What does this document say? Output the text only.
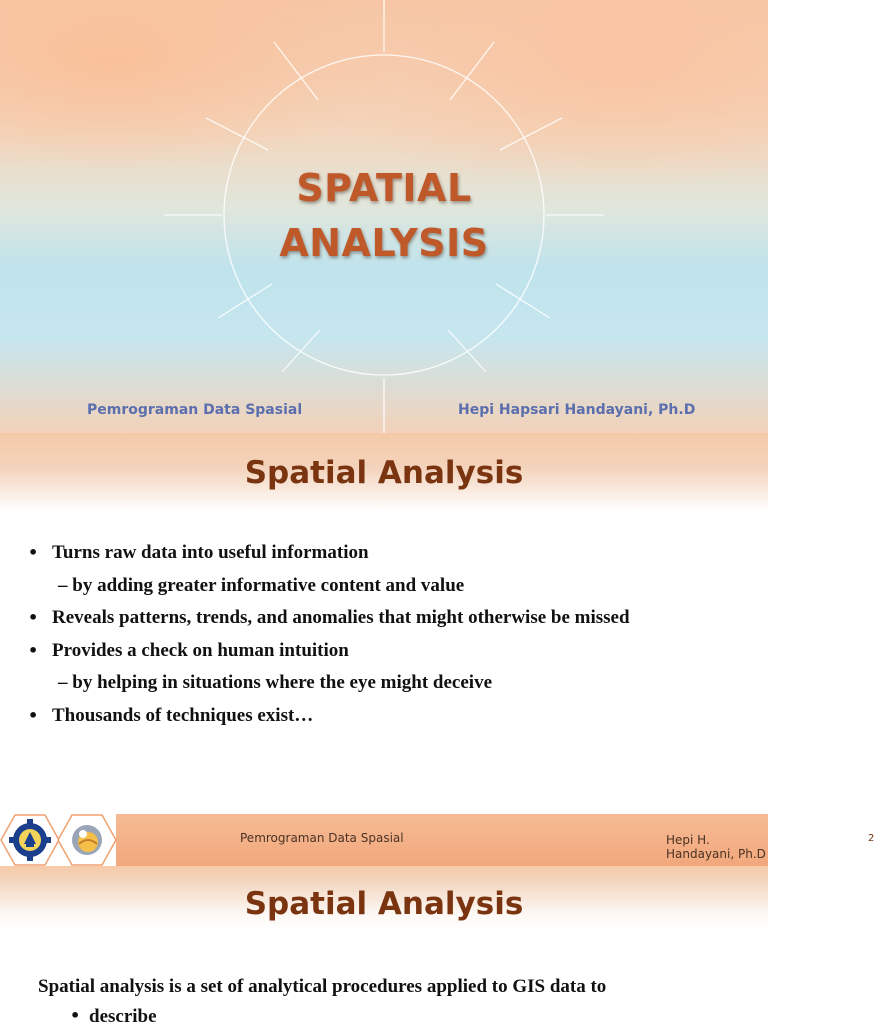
SPATIAL
ANALYSIS
Pemrograman Data Spasial	Hepi Hapsari Handayani, Ph.D
Spatial Analysis
• Turns raw data into useful information
– by adding greater informative content and value
• Reveals patterns, trends, and anomalies that might otherwise be missed
• Provides a check on human intuition
– by helping in situations where the eye might deceive
• Thousands of techniques exist…
Pemrograman Data Spasial	Hepi H. Handayani, Ph.D
2
Spatial Analysis
Spatial analysis is a set of analytical procedures applied to GIS data to
• describe
